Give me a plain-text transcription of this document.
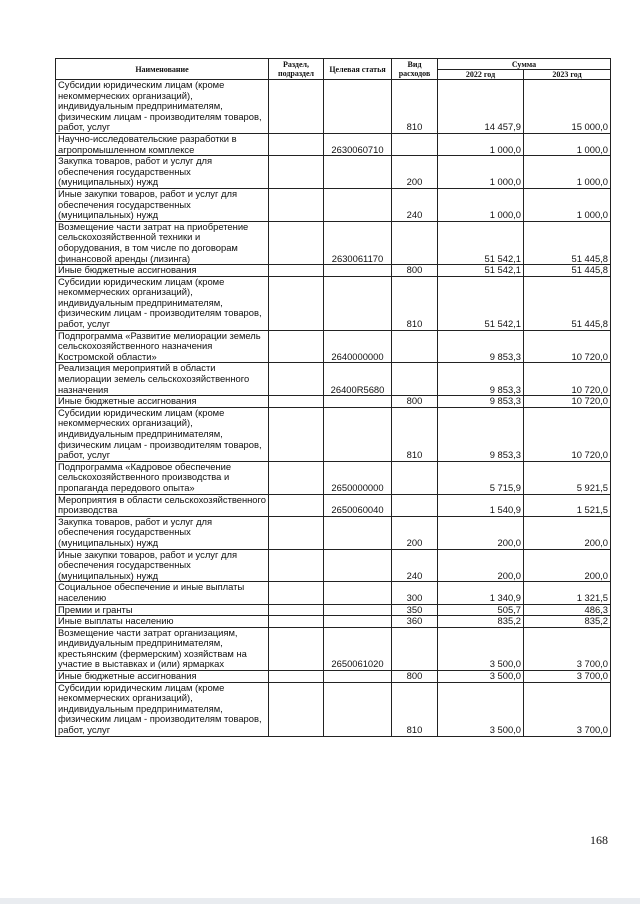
Наименование	Раздел, подраздел	Целевая статья	Вид расходов	Сумма	
				2022 год	2023 год
Субсидии юридическим лицам (кроме некоммерческих организаций), индивидуальным предпринимателям, физическим лицам - производителям товаров, работ, услуг			810	14 457,9	15 000,0
Научно-исследовательские разработки в агропромышленном комплексе		2630060710		1 000,0	1 000,0
Закупка товаров, работ и услуг для обеспечения государственных (муниципальных) нужд			200	1 000,0	1 000,0
Иные закупки товаров, работ и услуг для обеспечения государственных (муниципальных) нужд			240	1 000,0	1 000,0
Возмещение части затрат на приобретение сельскохозяйственной техники и оборудования, в том числе по договорам финансовой аренды (лизинга)		2630061170		51 542,1	51 445,8
Иные бюджетные ассигнования			800	51 542,1	51 445,8
Субсидии юридическим лицам (кроме некоммерческих организаций), индивидуальным предпринимателям, физическим лицам - производителям товаров, работ, услуг			810	51 542,1	51 445,8
Подпрограмма «Развитие мелиорации земель сельскохозяйственного назначения Костромской области»		2640000000		9 853,3	10 720,0
Реализация мероприятий в области мелиорации земель сельскохозяйственного назначения		26400R5680		9 853,3	10 720,0
Иные бюджетные ассигнования			800	9 853,3	10 720,0
Субсидии юридическим лицам (кроме некоммерческих организаций), индивидуальным предпринимателям, физическим лицам - производителям товаров, работ, услуг			810	9 853,3	10 720,0
Подпрограмма «Кадровое обеспечение сельскохозяйственного производства и пропаганда передового опыта»		2650000000		5 715,9	5 921,5
Мероприятия в области сельскохозяйственного производства		2650060040		1 540,9	1 521,5
Закупка товаров, работ и услуг для обеспечения государственных (муниципальных) нужд			200	200,0	200,0
Иные закупки товаров, работ и услуг для обеспечения государственных (муниципальных) нужд			240	200,0	200,0
Социальное обеспечение и иные выплаты населению			300	1 340,9	1 321,5
Премии и гранты			350	505,7	486,3
Иные выплаты населению			360	835,2	835,2
Возмещение части затрат организациям, индивидуальным предпринимателям, крестьянским (фермерским) хозяйствам на участие в выставках и (или) ярмарках		2650061020		3 500,0	3 700,0
Иные бюджетные ассигнования			800	3 500,0	3 700,0
Субсидии юридическим лицам (кроме некоммерческих организаций), индивидуальным предпринимателям, физическим лицам - производителям товаров, работ, услуг			810	3 500,0	3 700,0
168
